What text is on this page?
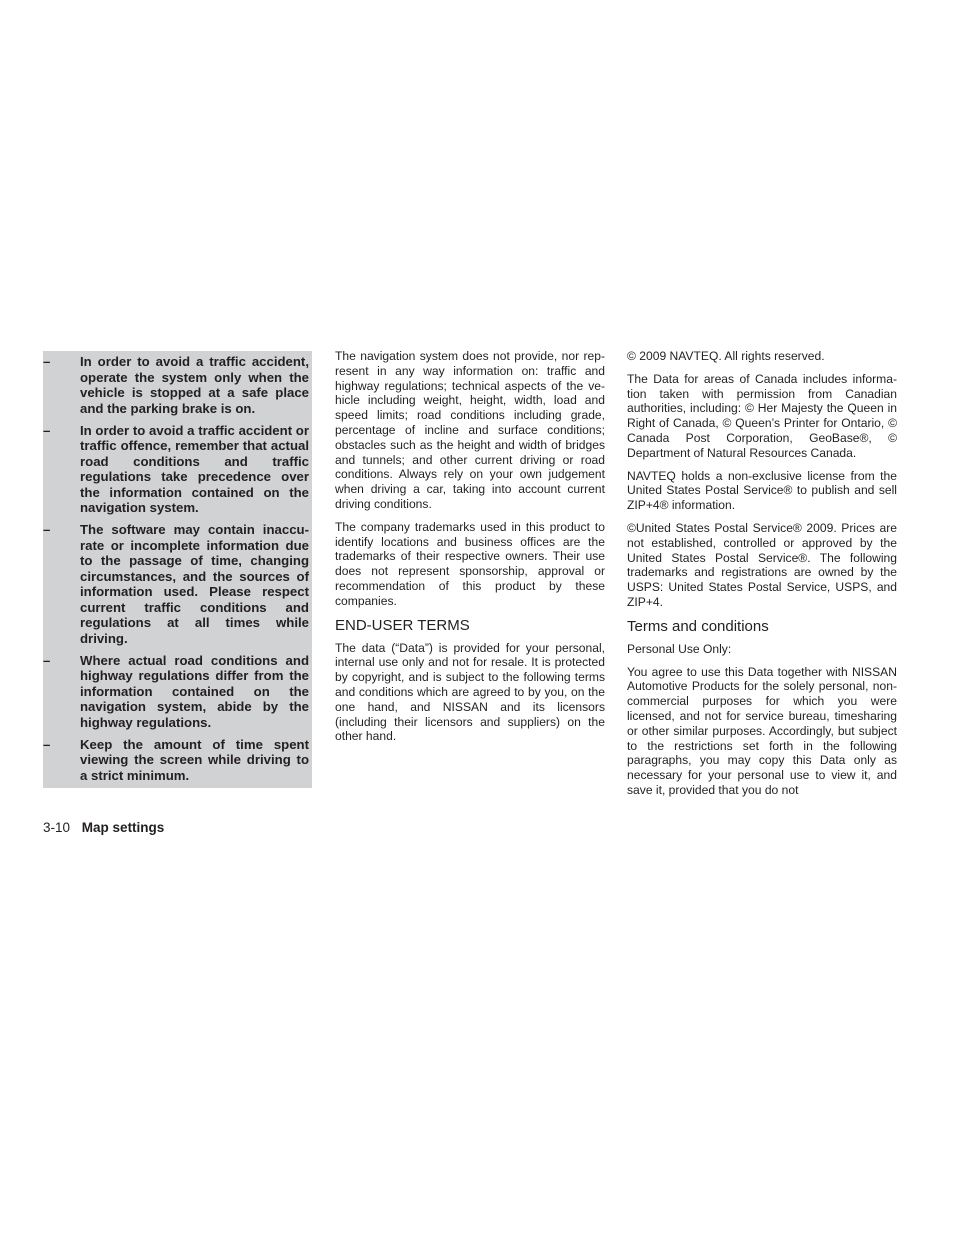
–	In order to avoid a traffic accident, operate the system only when the vehicle is stopped at a safe place and the parking brake is on.
–	In order to avoid a traffic accident or traffic offence, remember that actual road conditions and traffic regulations take precedence over the information contained on the navigation system.
–	The software may contain inaccurate or incomplete information due to the passage of time, changing circumstances, and the sources of information used. Please respect current traffic conditions and regulations at all times while driving.
–	Where actual road conditions and highway regulations differ from the information contained on the navigation system, abide by the highway regulations.
–	Keep the amount of time spent viewing the screen while driving to a strict minimum.

The navigation system does not provide, nor represent in any way information on: traffic and highway regulations; technical aspects of the vehicle including weight, height, width, load and speed limits; road conditions including grade, percentage of incline and surface conditions; obstacles such as the height and width of bridges and tunnels; and other current driving or road conditions. Always rely on your own judgement when driving a car, taking into account current driving conditions.

The company trademarks used in this product to identify locations and business offices are the trademarks of their respective owners. Their use does not represent sponsorship, approval or recommendation of this product by these companies.

END-USER TERMS

The data (“Data”) is provided for your personal, internal use only and not for resale. It is protected by copyright, and is subject to the following terms and conditions which are agreed to by you, on the one hand, and NISSAN and its licensors (including their licensors and suppliers) on the other hand.

© 2009 NAVTEQ. All rights reserved.

The Data for areas of Canada includes information taken with permission from Canadian authorities, including: © Her Majesty the Queen in Right of Canada, © Queen’s Printer for Ontario, © Canada Post Corporation, GeoBase®, © Department of Natural Resources Canada.

NAVTEQ holds a non-exclusive license from the United States Postal Service® to publish and sell ZIP+4® information.

©United States Postal Service® 2009. Prices are not established, controlled or approved by the United States Postal Service®. The following trademarks and registrations are owned by the USPS: United States Postal Service, USPS, and ZIP+4.

Terms and conditions

Personal Use Only:

You agree to use this Data together with NISSAN Automotive Products for the solely personal, non-commercial purposes for which you were licensed, and not for service bureau, timesharing or other similar purposes. Accordingly, but subject to the restrictions set forth in the following paragraphs, you may copy this Data only as necessary for your personal use to view it, and save it, provided that you do not

3-10 Map settings
